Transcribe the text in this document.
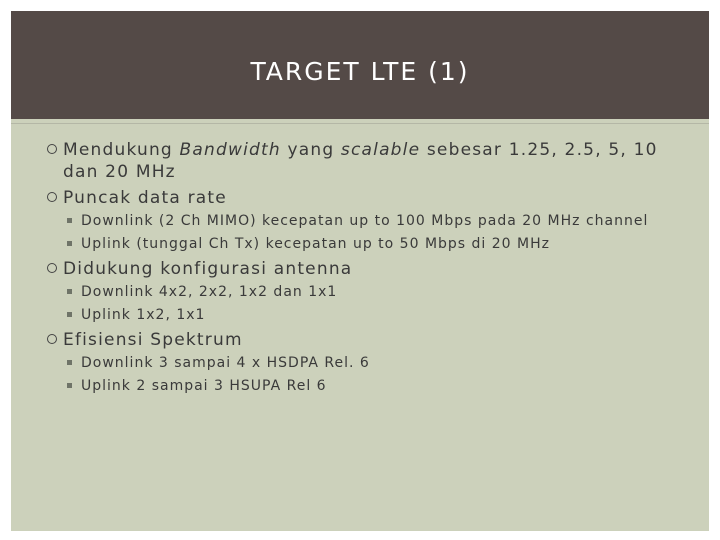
TARGET LTE (1)
Mendukung Bandwidth yang scalable sebesar 1.25, 2.5, 5, 10 dan 20 MHz
Puncak data rate
Downlink (2 Ch MIMO) kecepatan up to 100 Mbps pada 20 MHz channel
Uplink (tunggal Ch Tx) kecepatan up to 50 Mbps di 20 MHz
Didukung konfigurasi antenna
Downlink 4x2, 2x2, 1x2 dan 1x1
Uplink 1x2, 1x1
Efisiensi Spektrum
Downlink 3 sampai 4 x HSDPA Rel. 6
Uplink 2 sampai 3 HSUPA Rel 6
